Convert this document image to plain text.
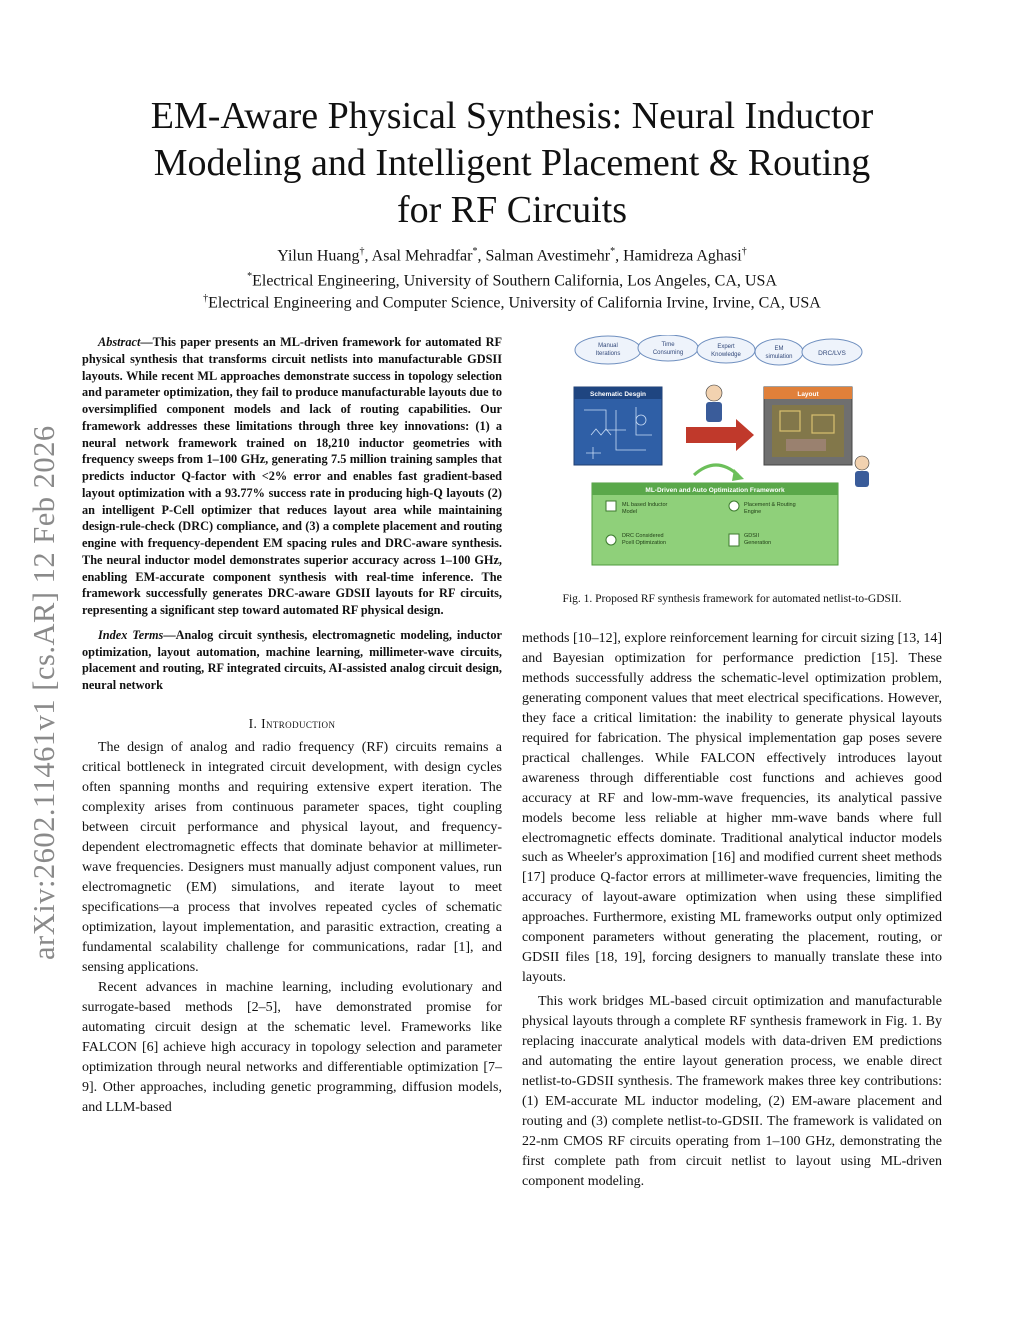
arXiv:2602.11461v1 [cs.AR] 12 Feb 2026
EM-Aware Physical Synthesis: Neural Inductor
Modeling and Intelligent Placement & Routing
for RF Circuits
Yilun Huang†, Asal Mehradfar*, Salman Avestimehr*, Hamidreza Aghasi†
*Electrical Engineering, University of Southern California, Los Angeles, CA, USA
†Electrical Engineering and Computer Science, University of California Irvine, Irvine, CA, USA

Abstract—This paper presents an ML-driven framework for automated RF physical synthesis that transforms circuit netlists into manufacturable GDSII layouts. While recent ML approaches demonstrate success in topology selection and parameter optimization, they fail to produce manufacturable layouts due to oversimplified component models and lack of routing capabilities. Our framework addresses these limitations through three key innovations: (1) a neural network framework trained on 18,210 inductor geometries with frequency sweeps from 1–100 GHz, generating 7.5 million training samples that predicts inductor Q-factor with <2% error and enables fast gradient-based layout optimization with a 93.77% success rate in producing high-Q layouts (2) an intelligent P-Cell optimizer that reduces layout area while maintaining design-rule-check (DRC) compliance, and (3) a complete placement and routing engine with frequency-dependent EM spacing rules and DRC-aware synthesis. The neural inductor model demonstrates superior accuracy across 1–100 GHz, enabling EM-accurate component synthesis with real-time inference. The framework successfully generates DRC-aware GDSII layouts for RF circuits, representing a significant step toward automated RF physical design.

Index Terms—Analog circuit synthesis, electromagnetic modeling, inductor optimization, layout automation, machine learning, millimeter-wave circuits, placement and routing, RF integrated circuits, AI-assisted analog circuit design, neural network

I. Introduction

The design of analog and radio frequency (RF) circuits remains a critical bottleneck in integrated circuit development, with design cycles often spanning months and requiring extensive expert iteration. The complexity arises from continuous parameter spaces, tight coupling between circuit performance and physical layout, and frequency-dependent electromagnetic effects that dominate behavior at millimeter-wave frequencies. Designers must manually adjust component values, run electromagnetic (EM) simulations, and iterate layout to meet specifications—a process that involves repeated cycles of schematic optimization, layout implementation, and parasitic extraction, creating a fundamental scalability challenge for communications, radar [1], and sensing applications.

Recent advances in machine learning, including evolutionary and surrogate-based methods [2–5], have demonstrated promise for automating circuit design at the schematic level. Frameworks like FALCON [6] achieve high accuracy in topology selection and parameter optimization through neural networks and differentiable optimization [7–9]. Other approaches, including genetic programming, diffusion models, and LLM-based

Manual
Iterations
Time
Consuming
Expert
Knowledge
EM
simulation	DRC/LVS
Schematic Desgin	Layout
ML-Driven and Auto Optimization Framework
ML based Inductor
Model
Placement & Routing
Engine
DRC Considered
Pcell Optimization
GDSII
Generation
Fig. 1. Proposed RF synthesis framework for automated netlist-to-GDSII.

methods [10–12], explore reinforcement learning for circuit sizing [13, 14] and Bayesian optimization for performance prediction [15]. These methods successfully address the schematic-level optimization problem, generating component values that meet electrical specifications. However, they face a critical limitation: the inability to generate physical layouts required for fabrication. The physical implementation gap poses severe practical challenges. While FALCON effectively introduces layout awareness through differentiable cost functions and achieves good accuracy at RF and low-mm-wave frequencies, its analytical passive models become less reliable at higher mm-wave bands where full electromagnetic effects dominate. Traditional analytical inductor models such as Wheeler's approximation [16] and modified current sheet methods [17] produce Q-factor errors at millimeter-wave frequencies, limiting the accuracy of layout-aware optimization when using these simplified approaches. Furthermore, existing ML frameworks output only optimized component parameters without generating the placement, routing, or GDSII files [18, 19], forcing designers to manually translate these into layouts.

This work bridges ML-based circuit optimization and manufacturable physical layouts through a complete RF synthesis framework in Fig. 1. By replacing inaccurate analytical models with data-driven EM predictions and automating the entire layout generation process, we enable direct netlist-to-GDSII synthesis. The framework makes three key contributions: (1) EM-accurate ML inductor modeling, (2) EM-aware placement and routing and (3) complete netlist-to-GDSII. The framework is validated on 22-nm CMOS RF circuits operating from 1–100 GHz, demonstrating the first complete path from circuit netlist to layout using ML-driven component modeling.
